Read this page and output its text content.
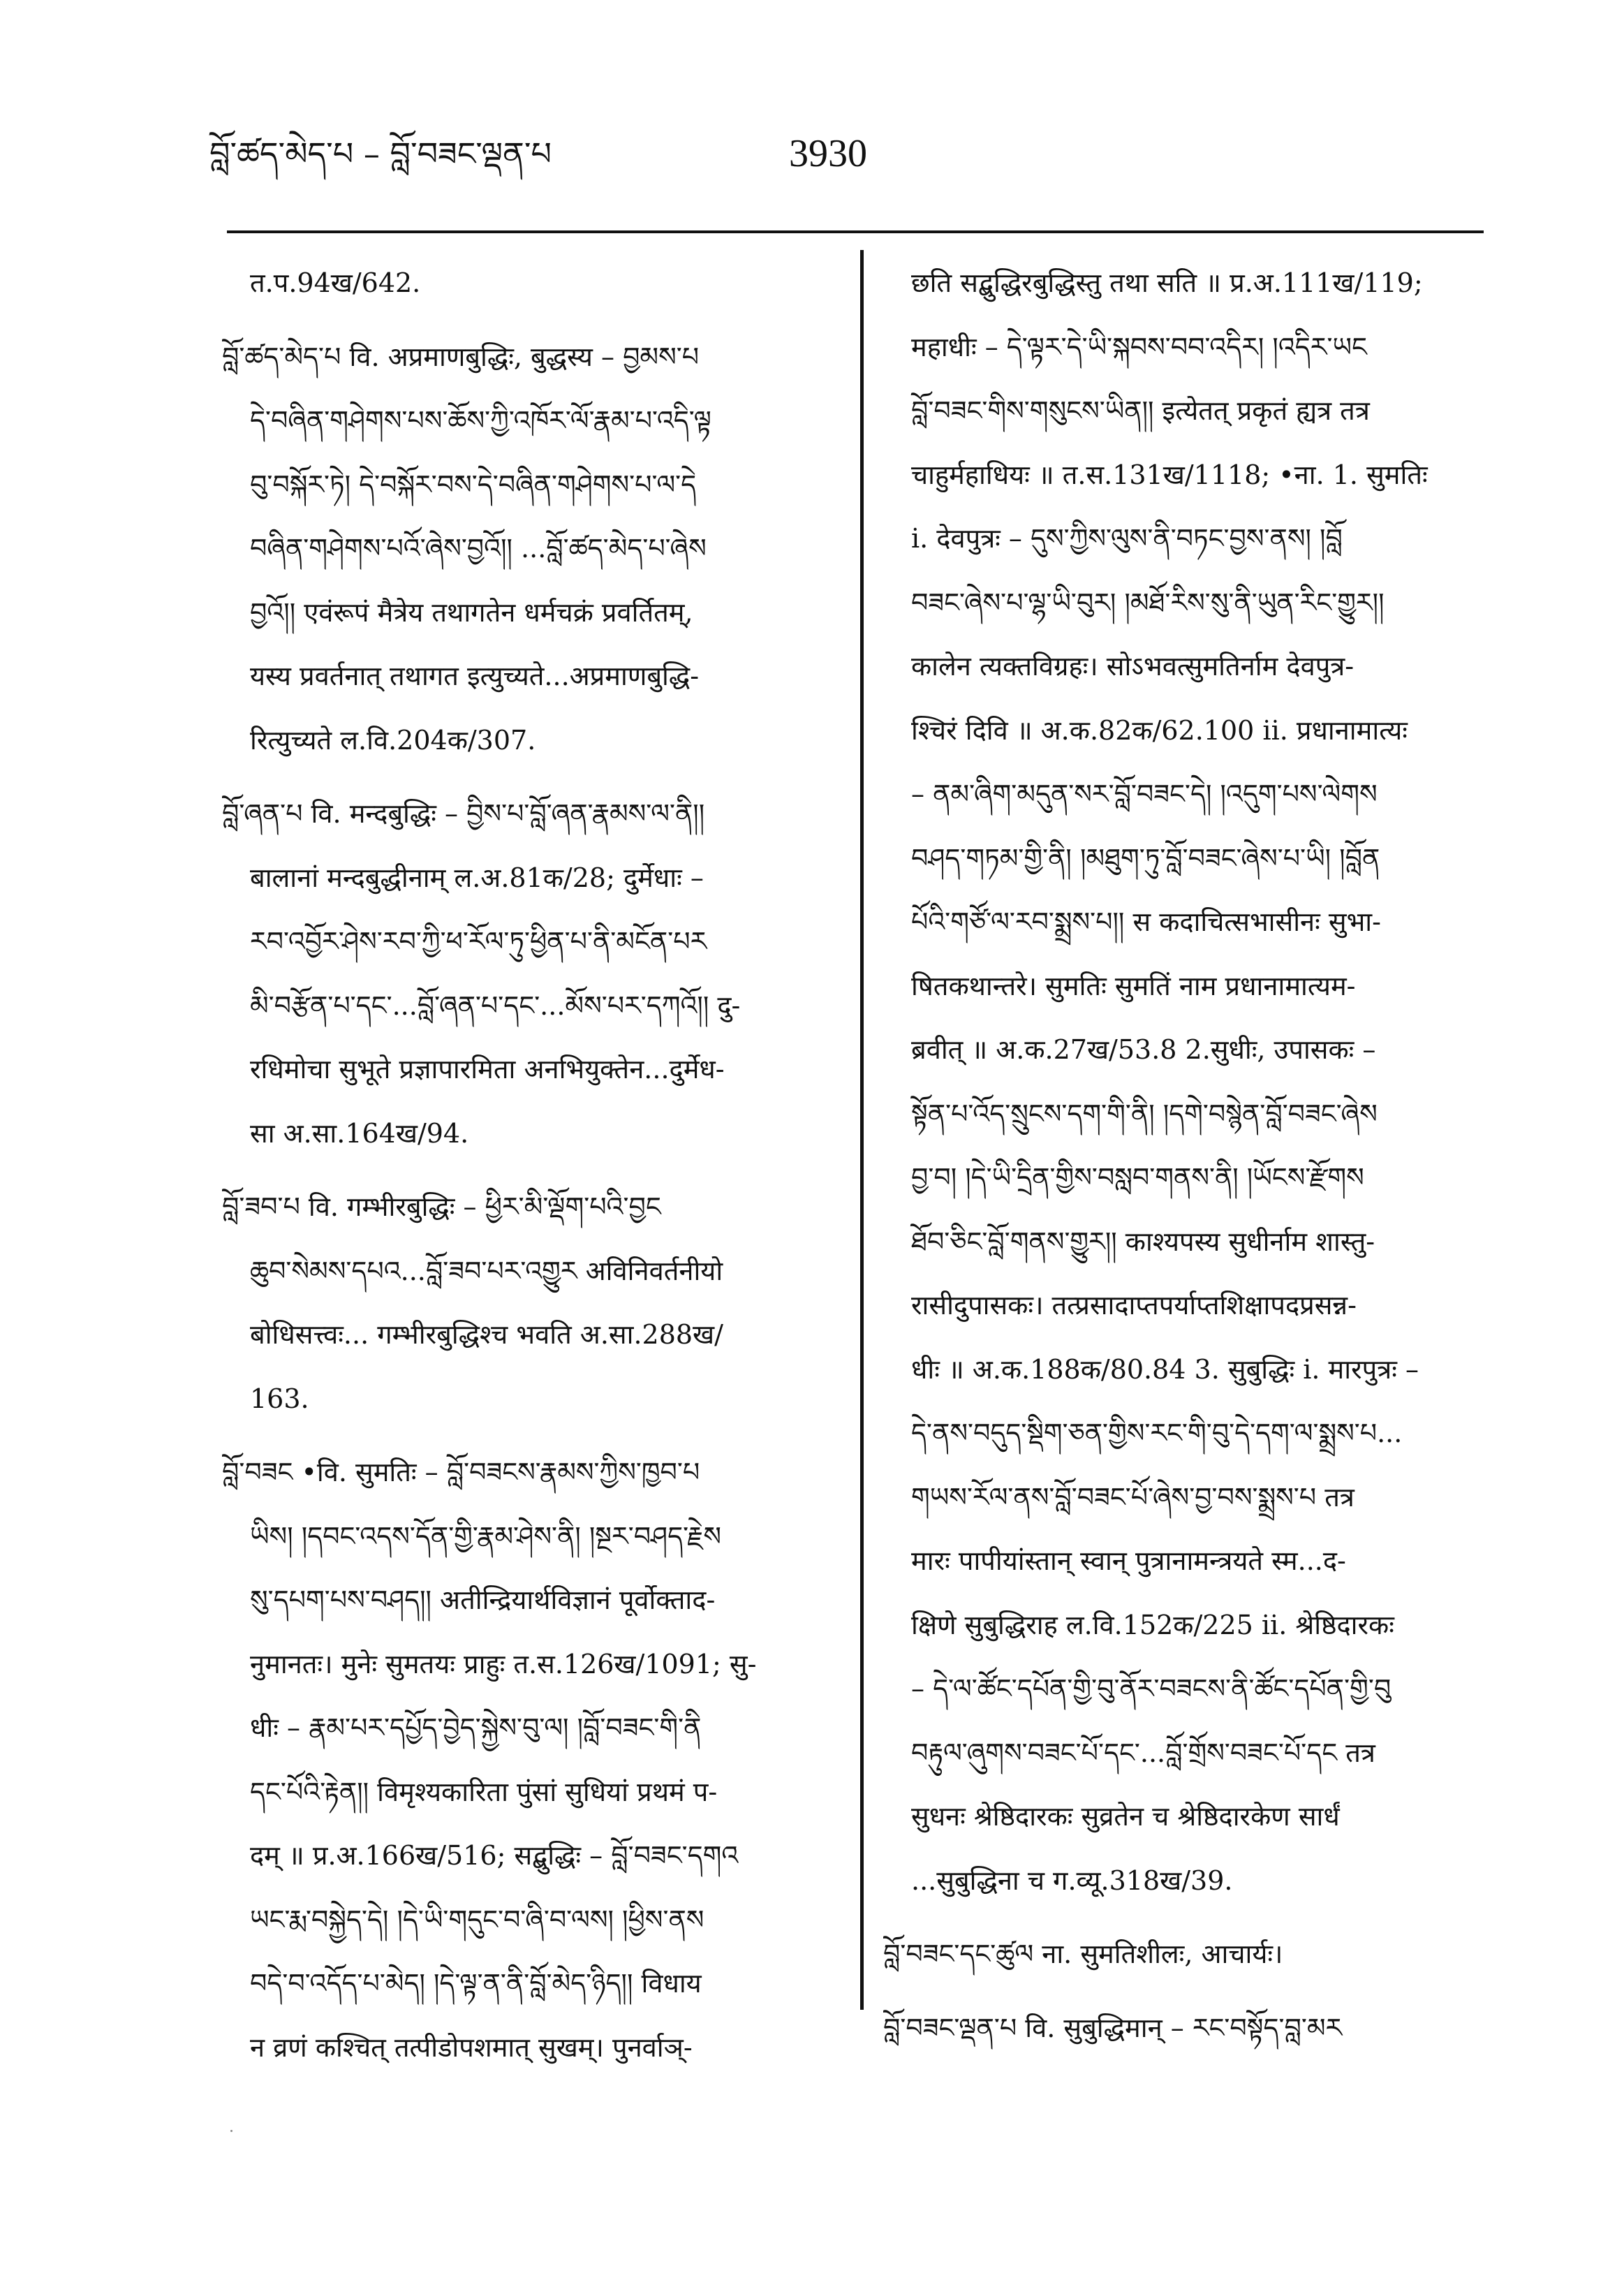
བློ་ཚད་མེད་པ – བློ་བཟང་ལྡན་པ	3930
त.प.94ख/642.
བློ་ཚད་མེད་པ वि. अप्रमाणबुद्धिः, बुद्धस्य – བྱམས་པ
དེ་བཞིན་གཤེགས་པས་ཆོས་ཀྱི་འཁོར་ལོ་རྣམ་པ་འདི་ལྟ
བུ་བསྐོར་ཏེ། དེ་བསྐོར་བས་དེ་བཞིན་གཤེགས་པ་ལ་དེ
བཞིན་གཤེགས་པའོ་ཞེས་བྱའོ།། ...བློ་ཚད་མེད་པ་ཞེས
བྱའོ།། एवंरूपं मैत्रेय तथागतेन धर्मचक्रं प्रवर्तितम्,
यस्य प्रवर्तनात् तथागत इत्युच्यते...अप्रमाणबुद्धि-
रित्युच्यते ल.वि.204क/307.
བློ་ཞན་པ वि. मन्दबुद्धिः – བྱིས་པ་བློ་ཞན་རྣམས་ལ་ནི།།
बालानां मन्दबुद्धीनाम् ल.अ.81क/28; दुर्मेधाः –
རབ་འབྱོར་ཤེས་རབ་ཀྱི་ཕ་རོལ་ཏུ་ཕྱིན་པ་ནི་མངོན་པར
མི་བརྩོན་པ་དང་...བློ་ཞན་པ་དང་...མོས་པར་དཀའོ།། दु-
रधिमोचा सुभूते प्रज्ञापारमिता अनभियुक्तेन...दुर्मेध-
सा अ.सा.164ख/94.
བློ་ཟབ་པ वि. गम्भीरबुद्धिः – ཕྱིར་མི་ལྡོག་པའི་བྱང
ཆུབ་སེམས་དཔའ...བློ་ཟབ་པར་འགྱུར अविनिवर्तनीयो
बोधिसत्त्वः... गम्भीरबुद्धिश्च भवति अ.सा.288ख/
163.
བློ་བཟང •वि. सुमतिः – བློ་བཟངས་རྣམས་ཀྱིས་ཁྱབ་པ
ཡིས། །དབང་འདས་དོན་གྱི་རྣམ་ཤེས་ནི། །སྔར་བཤད་རྗེས
སུ་དཔག་པས་བཤད།། अतीन्द्रियार्थविज्ञानं पूर्वोक्ताद-
नुमानतः। मुनेः सुमतयः प्राहुः त.स.126ख/1091; सु-
धीः – རྣམ་པར་དཔྱོད་བྱེད་སྐྱེས་བུ་ལ། །བློ་བཟང་གི་ནི
དང་པོའི་རྟེན།། विमृश्यकारिता पुंसां सुधियां प्रथमं प-
दम् ॥ प्र.अ.166ख/516; सद्बुद्धिः – བློ་བཟང་དགའ
ཡང་རྨ་བསྐྱེད་དེ། །དེ་ཡི་གདུང་བ་ཞི་བ་ལས། །ཕྱིས་ནས
བདེ་བ་འདོད་པ་མེད། །དེ་ལྟ་ན་ནི་བློ་མེད་ཉིད།། विधाय
न व्रणं कश्चित् तत्पीडोपशमात् सुखम्। पुनर्वाञ्-
छति सद्बुद्धिरबुद्धिस्तु तथा सति ॥ प्र.अ.111ख/119;
महाधीः – དེ་ལྟར་དེ་ཡི་སྐབས་བབ་འདིར། །འདིར་ཡང
བློ་བཟང་གིས་གསུངས་ཡིན།། इत्येतत् प्रकृतं ह्यत्र तत्र
चाहुर्महाधियः ॥ त.स.131ख/1118; •ना. 1. सुमतिः
i. देवपुत्रः – དུས་ཀྱིས་ལུས་ནི་བཏང་བྱས་ནས། །བློ
བཟང་ཞེས་པ་ལྷ་ཡི་བུར། །མཐོ་རིས་སུ་ནི་ཡུན་རིང་གྱུར།།
कालेन त्यक्तविग्रहः। सोऽभवत्सुमतिर्नाम देवपुत्र-
श्चिरं दिवि ॥ अ.क.82क/62.100 ii. प्रधानामात्यः
– ནམ་ཞིག་མདུན་སར་བློ་བཟང་དེ། །འདུག་པས་ལེགས
བཤད་གཏམ་གྱི་ནི། །མཐུག་ཏུ་བློ་བཟང་ཞེས་པ་ཡི། །བློན
པོའི་གཙོ་ལ་རབ་སྨྲས་པ།། स कदाचित्सभासीनः सुभा-
षितकथान्तरे। सुमतिः सुमतिं नाम प्रधानामात्यम-
ब्रवीत् ॥ अ.क.27ख/53.8 2.सुधीः, उपासकः –
སྟོན་པ་འོད་སྲུངས་དག་གི་ནི། །དགེ་བསྙེན་བློ་བཟང་ཞེས
བྱ་བ། །དེ་ཡི་དྲིན་གྱིས་བསླབ་གནས་ནི། །ཡོངས་རྫོགས
ཐོབ་ཅིང་བློ་གནས་གྱུར།། काश्यपस्य सुधीर्नाम शास्तु-
रासीदुपासकः। तत्प्रसादाप्तपर्याप्तशिक्षापदप्रसन्न-
धीः ॥ अ.क.188क/80.84 3. सुबुद्धिः i. मारपुत्रः –
དེ་ནས་བདུད་སྡིག་ཅན་གྱིས་རང་གི་བུ་དེ་དག་ལ་སྨྲས་པ...
གཡས་རོལ་ནས་བློ་བཟང་པོ་ཞེས་བྱ་བས་སྨྲས་པ तत्र
मारः पापीयांस्तान् स्वान् पुत्रानामन्त्रयते स्म...द-
क्षिणे सुबुद्धिराह ल.वि.152क/225 ii. श्रेष्ठिदारकः
– དེ་ལ་ཚོང་དཔོན་གྱི་བུ་ནོར་བཟངས་ནི་ཚོང་དཔོན་གྱི་བུ
བརྟུལ་ཞུགས་བཟང་པོ་དང་...བློ་གྲོས་བཟང་པོ་དང तत्र
सुधनः श्रेष्ठिदारकः सुव्रतेन च श्रेष्ठिदारकेण सार्धं
...सुबुद्धिना च ग.व्यू.318ख/39.
བློ་བཟང་དང་ཚུལ ना. सुमतिशीलः, आचार्यः।
བློ་བཟང་ལྡན་པ वि. सुबुद्धिमान् – རང་བསྟོད་བླ་མར
